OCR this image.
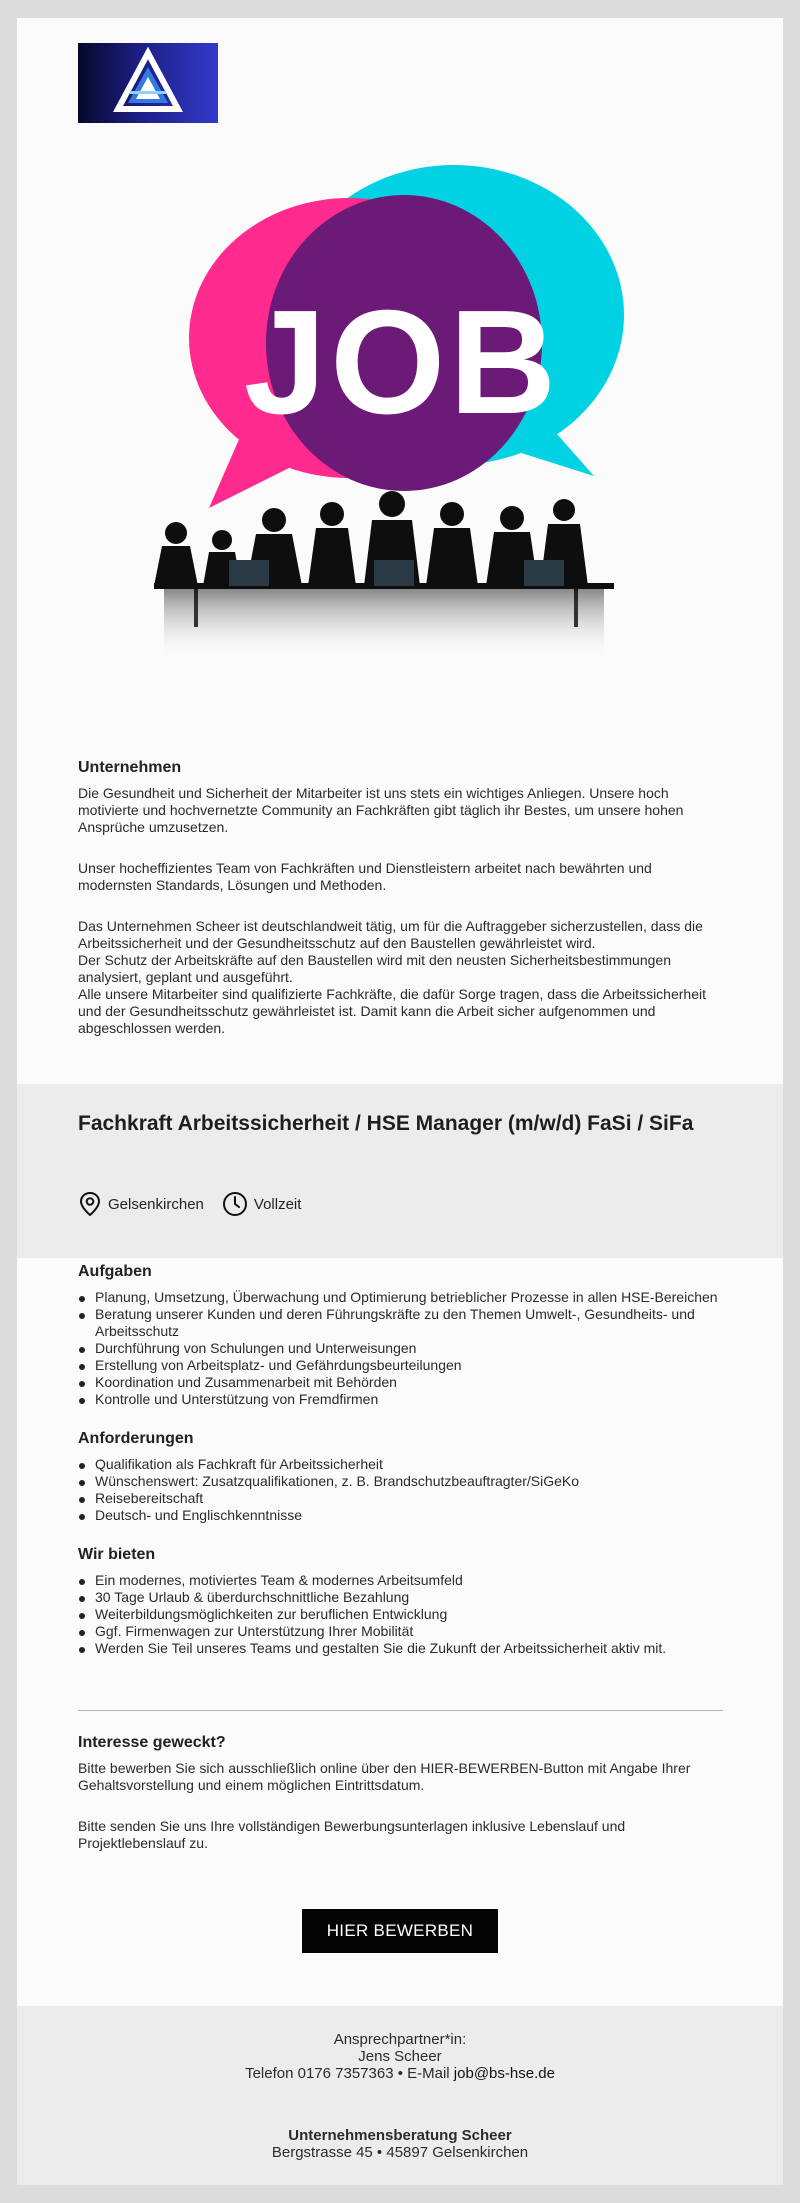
JOB
Unternehmen

Die Gesundheit und Sicherheit der Mitarbeiter ist uns stets ein wichtiges Anliegen. Unsere hoch motivierte und hochvernetzte Community an Fachkräften gibt täglich ihr Bestes, um unsere hohen Ansprüche umzusetzen.

Unser hocheffizientes Team von Fachkräften und Dienstleistern arbeitet nach bewährten und modernsten Standards, Lösungen und Methoden.

Das Unternehmen Scheer ist deutschlandweit tätig, um für die Auftraggeber sicherzustellen, dass die Arbeitssicherheit und der Gesundheitsschutz auf den Baustellen gewährleistet wird.

Der Schutz der Arbeitskräfte auf den Baustellen wird mit den neusten Sicherheitsbestimmungen analysiert, geplant und ausgeführt.

Alle unsere Mitarbeiter sind qualifizierte Fachkräfte, die dafür Sorge tragen, dass die Arbeitssicherheit und der Gesundheitsschutz gewährleistet ist. Damit kann die Arbeit sicher aufgenommen und abgeschlossen werden.

Fachkraft Arbeitssicherheit / HSE Manager (m/w/d) FaSi / SiFa
Gelsenkirchen	Vollzeit
Aufgaben
Planung, Umsetzung, Überwachung und Optimierung betrieblicher Prozesse in allen HSE-Bereichen
Beratung unserer Kunden und deren Führungskräfte zu den Themen Umwelt-, Gesundheits- und Arbeitsschutz
Durchführung von Schulungen und Unterweisungen
Erstellung von Arbeitsplatz- und Gefährdungsbeurteilungen
Koordination und Zusammenarbeit mit Behörden
Kontrolle und Unterstützung von Fremdfirmen
Anforderungen
Qualifikation als Fachkraft für Arbeitssicherheit
Wünschenswert: Zusatzqualifikationen, z. B. Brandschutzbeauftragter/SiGeKo
Reisebereitschaft
Deutsch- und Englischkenntnisse
Wir bieten
Ein modernes, motiviertes Team & modernes Arbeitsumfeld
30 Tage Urlaub & überdurchschnittliche Bezahlung
Weiterbildungsmöglichkeiten zur beruflichen Entwicklung
Ggf. Firmenwagen zur Unterstützung Ihrer Mobilität
Werden Sie Teil unseres Teams und gestalten Sie die Zukunft der Arbeitssicherheit aktiv mit.
Interesse geweckt?

Bitte bewerben Sie sich ausschließlich online über den HIER-BEWERBEN-Button mit Angabe Ihrer Gehaltsvorstellung und einem möglichen Eintrittsdatum.

Bitte senden Sie uns Ihre vollständigen Bewerbungsunterlagen inklusive Lebenslauf und Projektlebenslauf zu.

HIER BEWERBEN
Ansprechpartner*in:
Jens Scheer
Telefon 0176 7357363 • E-Mail job@bs-hse.de
Unternehmensberatung Scheer
Bergstrasse 45 • 45897 Gelsenkirchen
